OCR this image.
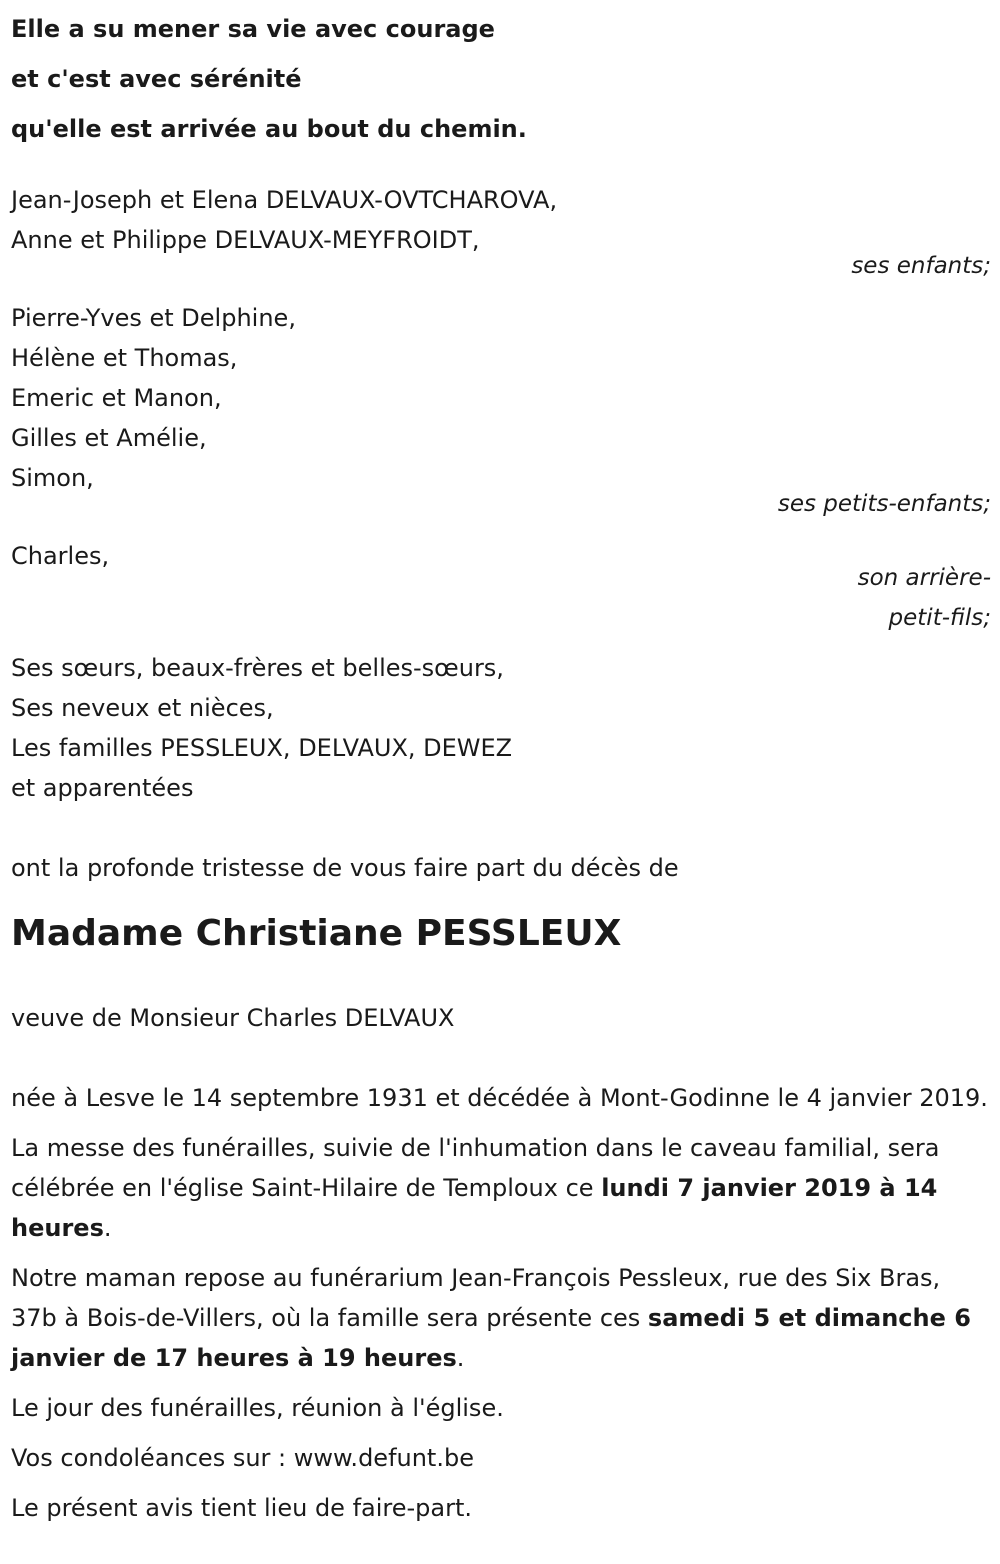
Elle a su mener sa vie avec courage

et c'est avec sérénité

qu'elle est arrivée au bout du chemin.

Jean-Joseph et Elena DELVAUX-OVTCHAROVA,
Anne et Philippe DELVAUX-MEYFROIDT,
ses enfants;
Pierre-Yves et Delphine,
Hélène et Thomas,
Emeric et Manon,
Gilles et Amélie,
Simon,
ses petits-enfants;
Charles,
son arrière-
petit-fils;
Ses sœurs, beaux-frères et belles-sœurs,
Ses neveux et nièces,
Les familles PESSLEUX, DELVAUX, DEWEZ
et apparentées

ont la profonde tristesse de vous faire part du décès de

Madame Christiane PESSLEUX

veuve de Monsieur Charles DELVAUX

née à Lesve le 14 septembre 1931 et décédée à Mont-Godinne le 4 janvier 2019.

La messe des funérailles, suivie de l'inhumation dans le caveau familial, sera célébrée en l'église Saint-Hilaire de Temploux ce lundi 7 janvier 2019 à 14 heures.

Notre maman repose au funérarium Jean-François Pessleux, rue des Six Bras, 37b à Bois-de-Villers, où la famille sera présente ces samedi 5 et dimanche 6 janvier de 17 heures à 19 heures.

Le jour des funérailles, réunion à l'église.

Vos condoléances sur : www.defunt.be

Le présent avis tient lieu de faire-part.
